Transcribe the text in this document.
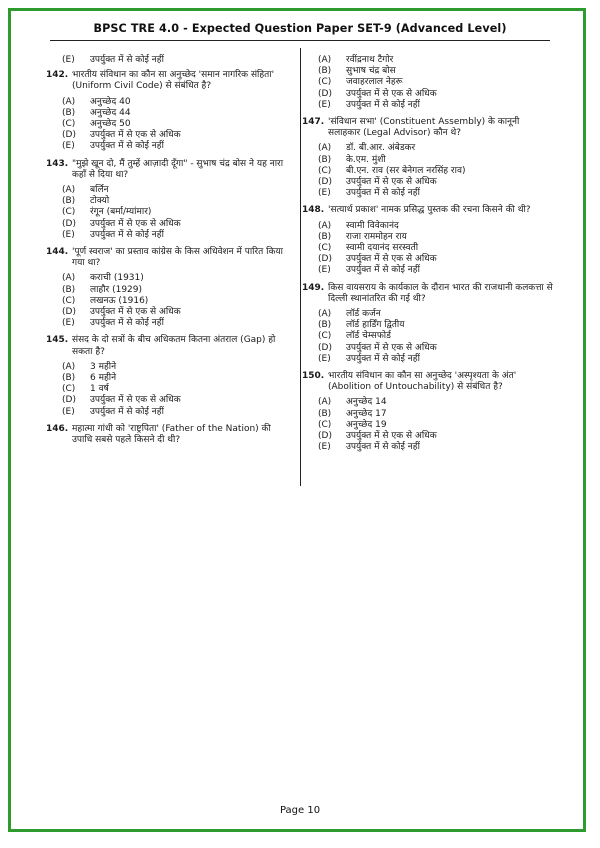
BPSC TRE 4.0 - Expected Question Paper SET-9 (Advanced Level)
(E) उपर्युक्त में से कोई नहीं
142. भारतीय संविधान का कौन सा अनुच्छेद 'समान नागरिक संहिता' (Uniform Civil Code) से संबंधित है?
(A) अनुच्छेद 40
(B) अनुच्छेद 44
(C) अनुच्छेद 50
(D) उपर्युक्त में से एक से अधिक
(E) उपर्युक्त में से कोई नहीं
143. "मुझे खून दो, मैं तुम्हें आज़ादी दूँगा" - सुभाष चंद्र बोस ने यह नारा कहाँ से दिया था?
(A) बर्लिन
(B) टोक्यो
(C) रंगून (बर्मा/म्यांमार)
(D) उपर्युक्त में से एक से अधिक
(E) उपर्युक्त में से कोई नहीं
144. 'पूर्ण स्वराज' का प्रस्ताव कांग्रेस के किस अधिवेशन में पारित किया गया था?
(A) कराची (1931)
(B) लाहौर (1929)
(C) लखनऊ (1916)
(D) उपर्युक्त में से एक से अधिक
(E) उपर्युक्त में से कोई नहीं
145. संसद के दो सत्रों के बीच अधिकतम कितना अंतराल (Gap) हो सकता है?
(A) 3 महीने
(B) 6 महीने
(C) 1 वर्ष
(D) उपर्युक्त में से एक से अधिक
(E) उपर्युक्त में से कोई नहीं
146. महात्मा गांधी को 'राष्ट्रपिता' (Father of the Nation) की उपाधि सबसे पहले किसने दी थी?
(A) रवींद्रनाथ टैगोर
(B) सुभाष चंद्र बोस
(C) जवाहरलाल नेहरू
(D) उपर्युक्त में से एक से अधिक
(E) उपर्युक्त में से कोई नहीं
147. 'संविधान सभा' (Constituent Assembly) के कानूनी सलाहकार (Legal Advisor) कौन थे?
(A) डॉ. बी.आर. अंबेडकर
(B) के.एम. मुंशी
(C) बी.एन. राव (सर बेनेगल नरसिंह राव)
(D) उपर्युक्त में से एक से अधिक
(E) उपर्युक्त में से कोई नहीं
148. 'सत्यार्थ प्रकाश' नामक प्रसिद्ध पुस्तक की रचना किसने की थी?
(A) स्वामी विवेकानंद
(B) राजा राममोहन राय
(C) स्वामी दयानंद सरस्वती
(D) उपर्युक्त में से एक से अधिक
(E) उपर्युक्त में से कोई नहीं
149. किस वायसराय के कार्यकाल के दौरान भारत की राजधानी कलकत्ता से दिल्ली स्थानांतरित की गई थी?
(A) लॉर्ड कर्जन
(B) लॉर्ड हार्डिंग द्वितीय
(C) लॉर्ड चेम्सफोर्ड
(D) उपर्युक्त में से एक से अधिक
(E) उपर्युक्त में से कोई नहीं
150. भारतीय संविधान का कौन सा अनुच्छेद 'अस्पृश्यता के अंत' (Abolition of Untouchability) से संबंधित है?
(A) अनुच्छेद 14
(B) अनुच्छेद 17
(C) अनुच्छेद 19
(D) उपर्युक्त में से एक से अधिक
(E) उपर्युक्त में से कोई नहीं
Page 10
